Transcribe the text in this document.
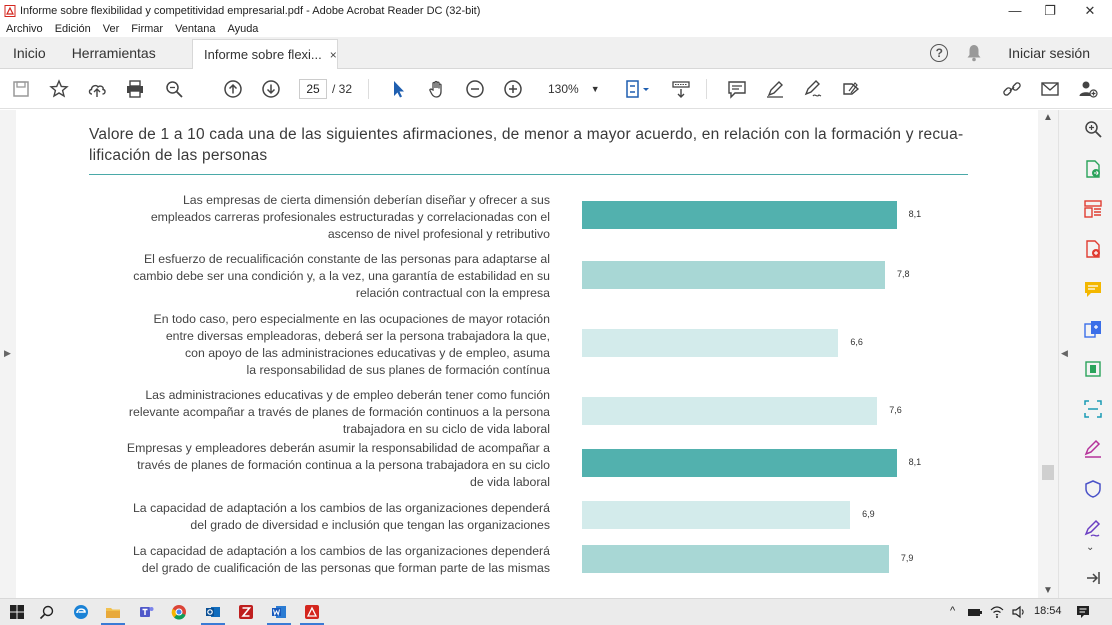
Informe sobre flexibilidad y competitividad empresarial.pdf - Adobe Acrobat Reader DC (32-bit)	— ❐ ✕
Archivo Edición Ver Firmar Ventana Ayuda
Inicio	Herramientas	Informe sobre flexi... ×	?	Iniciar sesión
25	/ 32	130% ▼
▶
Valore de 1 a 10 cada una de las siguientes afirmaciones, de menor a mayor acuerdo, en relación con la formación y recua-
lificación de las personas
Las empresas de cierta dimensión deberían diseñar y ofrecer a sus
empleados carreras profesionales estructuradas y correlacionadas con el
ascenso de nivel profesional y retributivo
8,1
El esfuerzo de recualificación constante de las personas para adaptarse al
cambio debe ser una condición y, a la vez, una garantía de estabilidad en su
relación contractual con la empresa
7,8
En todo caso, pero especialmente en las ocupaciones de mayor rotación
entre diversas empleadoras, deberá ser la persona trabajadora la que,
con apoyo de las administraciones educativas y de empleo, asuma
la responsabilidad de sus planes de formación contínua
6,6
Las administraciones educativas y de empleo deberán tener como función
relevante acompañar a través de planes de formación continuos a la persona
trabajadora en su ciclo de vida laboral
7,6
Empresas y empleadores deberán asumir la responsabilidad de acompañar a
través de planes de formación continua a la persona trabajadora en su ciclo
de vida laboral
8,1
La capacidad de adaptación a los cambios de las organizaciones dependerá
del grado de diversidad e inclusión que tengan las organizaciones
6,9
La capacidad de adaptación a los cambios de las organizaciones dependerá
del grado de cualificación de las personas que forman parte de las mismas
7,9
▲
▼
◀
⌄
^	18:54
